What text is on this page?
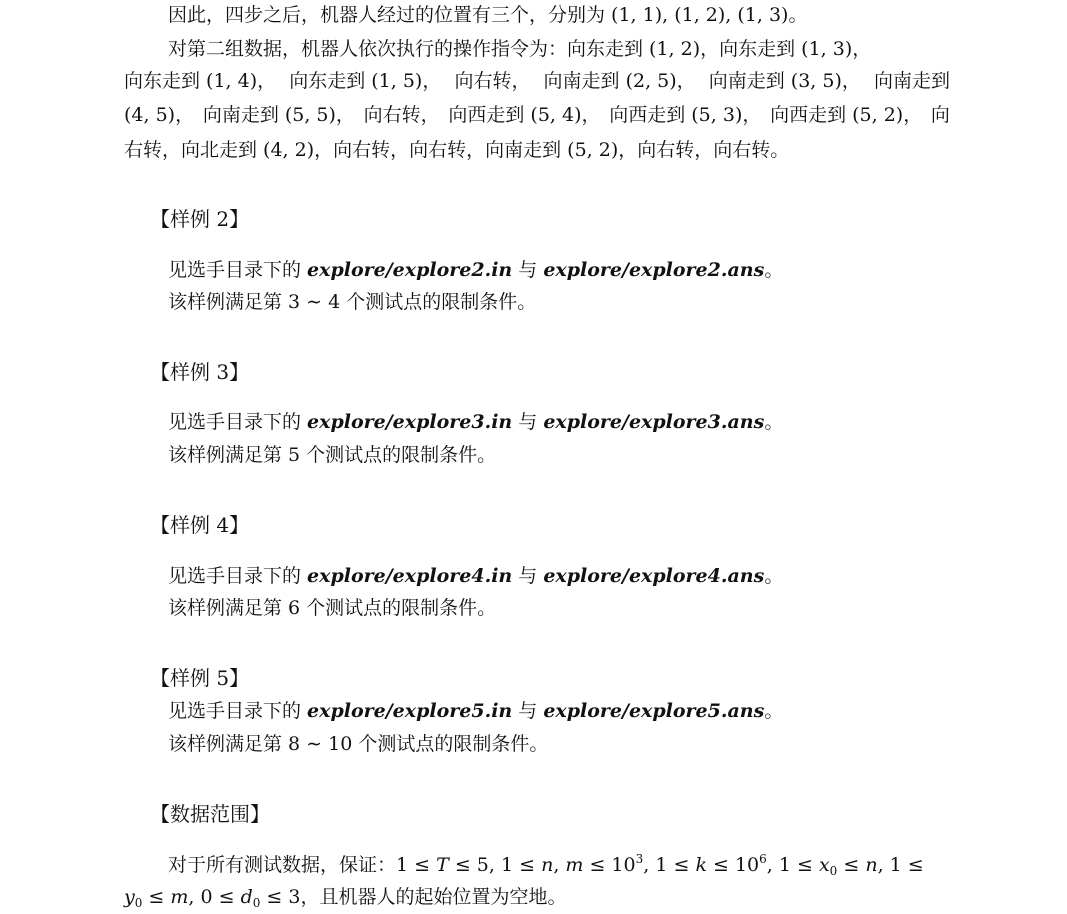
因此，四步之后，机器人经过的位置有三个，分别为 (1, 1), (1, 2), (1, 3)。
对第二组数据，机器人依次执行的操作指令为：向东走到 (1, 2)，向东走到 (1, 3)，
向东走到 (1, 4)， 向东走到 (1, 5)， 向右转， 向南走到 (2, 5)， 向南走到 (3, 5)， 向南走到
(4, 5)， 向南走到 (5, 5)， 向右转， 向西走到 (5, 4)， 向西走到 (5, 3)， 向西走到 (5, 2)， 向
右转，向北走到 (4, 2)，向右转，向右转，向南走到 (5, 2)，向右转，向右转。
【样例 2】
见选手目录下的 explore/explore2.in 与 explore/explore2.ans。
该样例满足第 3 ∼ 4 个测试点的限制条件。
【样例 3】
见选手目录下的 explore/explore3.in 与 explore/explore3.ans。
该样例满足第 5 个测试点的限制条件。
【样例 4】
见选手目录下的 explore/explore4.in 与 explore/explore4.ans。
该样例满足第 6 个测试点的限制条件。
【样例 5】
见选手目录下的 explore/explore5.in 与 explore/explore5.ans。
该样例满足第 8 ∼ 10 个测试点的限制条件。
【数据范围】
对于所有测试数据，保证：1 ≤ T ≤ 5, 1 ≤ n, $m \le 10^3$, $1 \le k \le 10^6$, $1 \le x_0 \le n$, 1 ≤
$y_0 \le m$, $0 \le d_0 \le 3$，且机器人的起始位置为空地。
